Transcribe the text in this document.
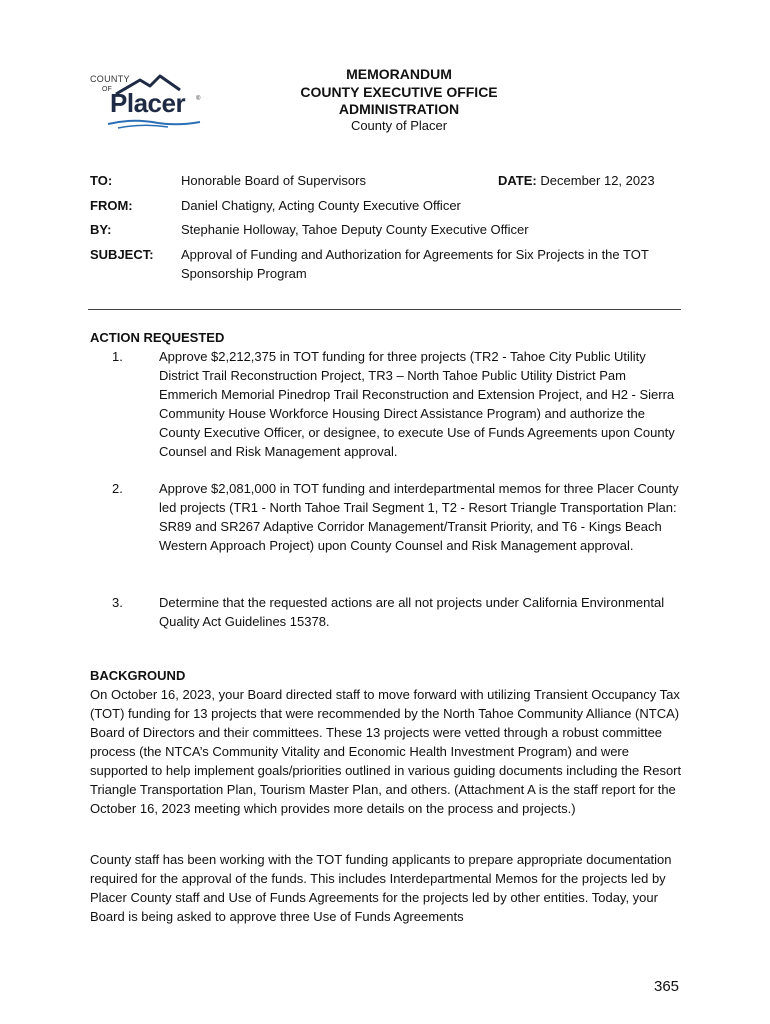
COUNTY
OF
Placer ®
MEMORANDUM
COUNTY EXECUTIVE OFFICE
ADMINISTRATION
County of Placer
TO:	Honorable Board of Supervisors	DATE: December 12, 2023
FROM:	Daniel Chatigny, Acting County Executive Officer
BY:	Stephanie Holloway, Tahoe Deputy County Executive Officer
SUBJECT: Approval of Funding and Authorization for Agreements for Six Projects in the TOT Sponsorship Program
ACTION REQUESTED
1.	Approve $2,212,375 in TOT funding for three projects (TR2 - Tahoe City Public Utility District Trail Reconstruction Project, TR3 – North Tahoe Public Utility District Pam Emmerich Memorial Pinedrop Trail Reconstruction and Extension Project, and H2 - Sierra Community House Workforce Housing Direct Assistance Program) and authorize the County Executive Officer, or designee, to execute Use of Funds Agreements upon County Counsel and Risk Management approval.
2.	Approve $2,081,000 in TOT funding and interdepartmental memos for three Placer County led projects (TR1 - North Tahoe Trail Segment 1, T2 - Resort Triangle Transportation Plan: SR89 and SR267 Adaptive Corridor Management/Transit Priority, and T6 - Kings Beach Western Approach Project) upon County Counsel and Risk Management approval.
3.	Determine that the requested actions are all not projects under California Environmental Quality Act Guidelines 15378.
BACKGROUND
On October 16, 2023, your Board directed staff to move forward with utilizing Transient Occupancy Tax (TOT) funding for 13 projects that were recommended by the North Tahoe Community Alliance (NTCA) Board of Directors and their committees. These 13 projects were vetted through a robust committee process (the NTCA’s Community Vitality and Economic Health Investment Program) and were supported to help implement goals/priorities outlined in various guiding documents including the Resort Triangle Transportation Plan, Tourism Master Plan, and others. (Attachment A is the staff report for the October 16, 2023 meeting which provides more details on the process and projects.)
County staff has been working with the TOT funding applicants to prepare appropriate documentation required for the approval of the funds. This includes Interdepartmental Memos for the projects led by Placer County staff and Use of Funds Agreements for the projects led by other entities. Today, your Board is being asked to approve three Use of Funds Agreements
365
